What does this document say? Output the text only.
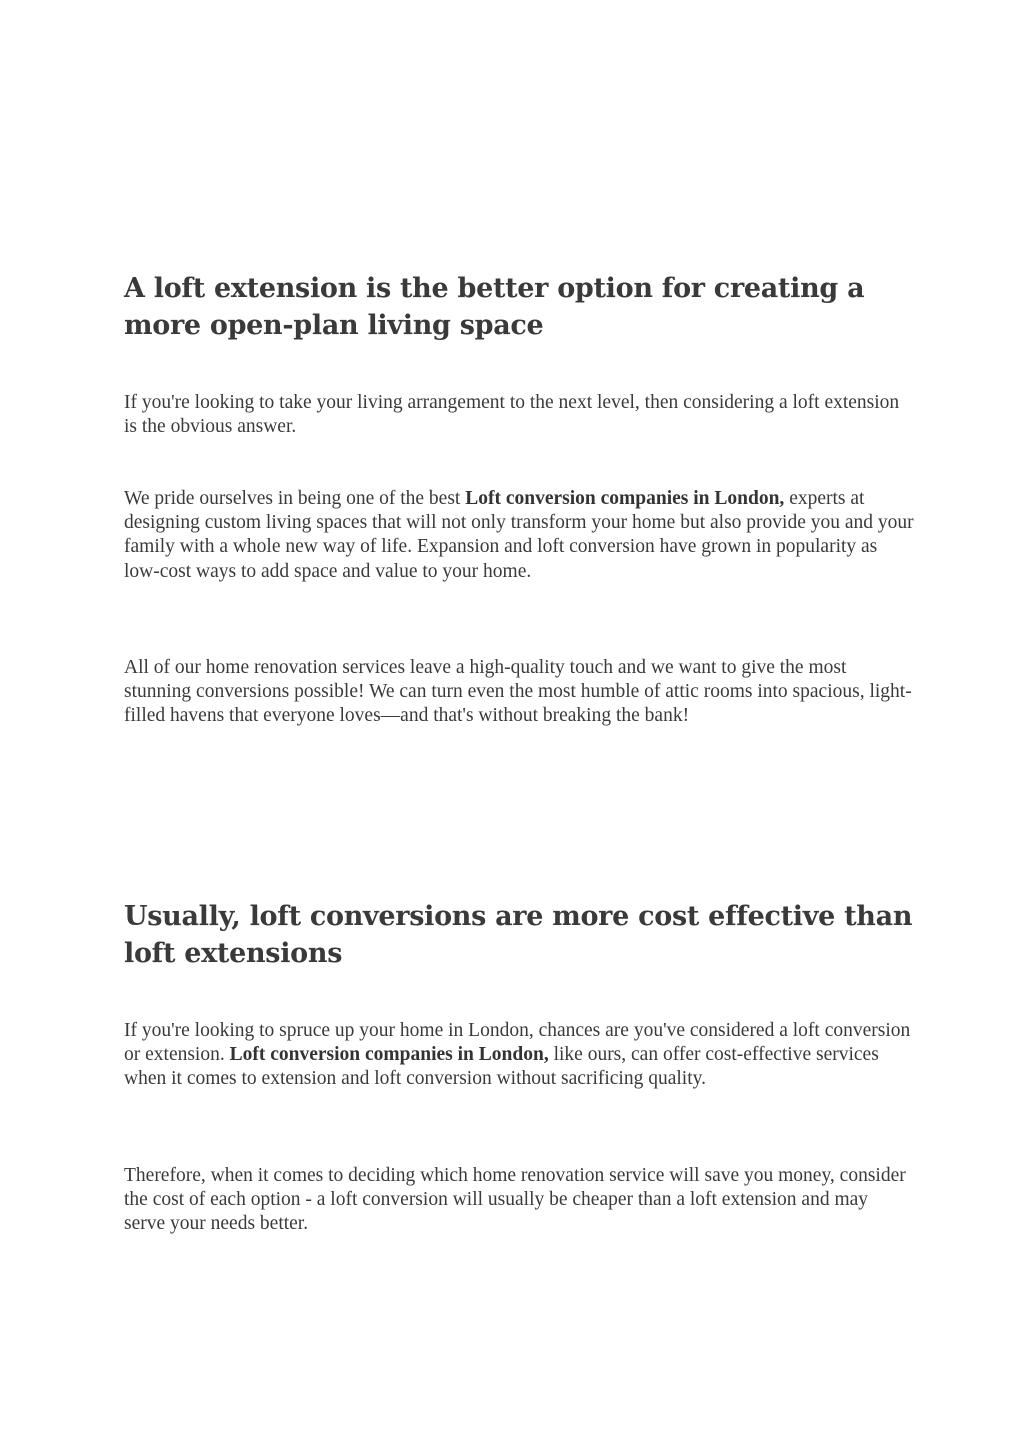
A loft extension is the better option for creating a more open-plan living space

If you're looking to take your living arrangement to the next level, then considering a loft extension is the obvious answer.

We pride ourselves in being one of the best Loft conversion companies in London, experts at designing custom living spaces that will not only transform your home but also provide you and your family with a whole new way of life. Expansion and loft conversion have grown in popularity as low-cost ways to add space and value to your home.

All of our home renovation services leave a high-quality touch and we want to give the most stunning conversions possible! We can turn even the most humble of attic rooms into spacious, light-filled havens that everyone loves—and that's without breaking the bank!

Usually, loft conversions are more cost effective than loft extensions

If you're looking to spruce up your home in London, chances are you've considered a loft conversion or extension. Loft conversion companies in London, like ours, can offer cost-effective services when it comes to extension and loft conversion without sacrificing quality.

Therefore, when it comes to deciding which home renovation service will save you money, consider the cost of each option - a loft conversion will usually be cheaper than a loft extension and may serve your needs better.
